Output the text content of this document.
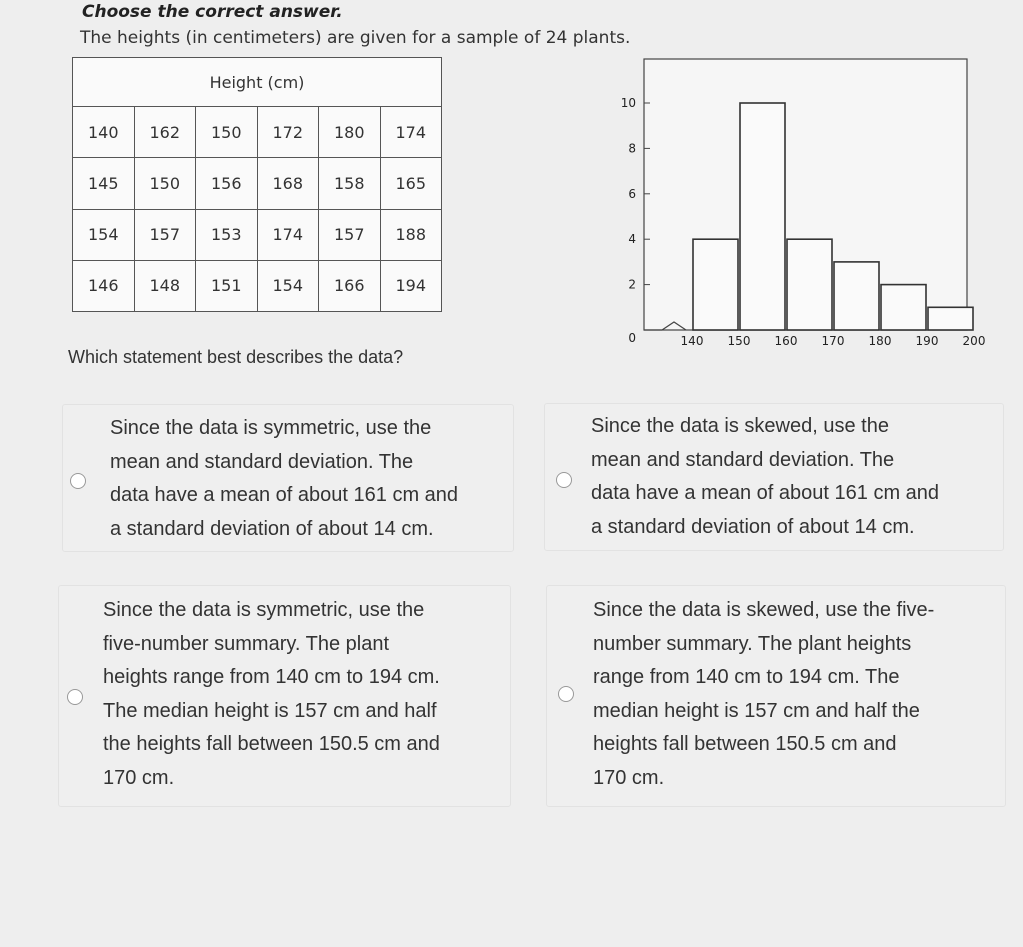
Choose the correct answer.
The heights (in centimeters) are given for a sample of 24 plants.
Height (cm)					
140	162	150	172	180	174
145	150	156	168	158	165
154	157	153	174	157	188
146	148	151	154	166	194
Which statement best describes the data?
0
2
4
6
8
10
140 150 160 170 180 190 200
Since the data is symmetric, use the
mean and standard deviation. The
data have a mean of about 161 cm and
a standard deviation of about 14 cm.
Since the data is skewed, use the
mean and standard deviation. The
data have a mean of about 161 cm and
a standard deviation of about 14 cm.
Since the data is symmetric, use the
five-number summary. The plant
heights range from 140 cm to 194 cm.
The median height is 157 cm and half
the heights fall between 150.5 cm and
170 cm.
Since the data is skewed, use the five-
number summary. The plant heights
range from 140 cm to 194 cm. The
median height is 157 cm and half the
heights fall between 150.5 cm and
170 cm.
